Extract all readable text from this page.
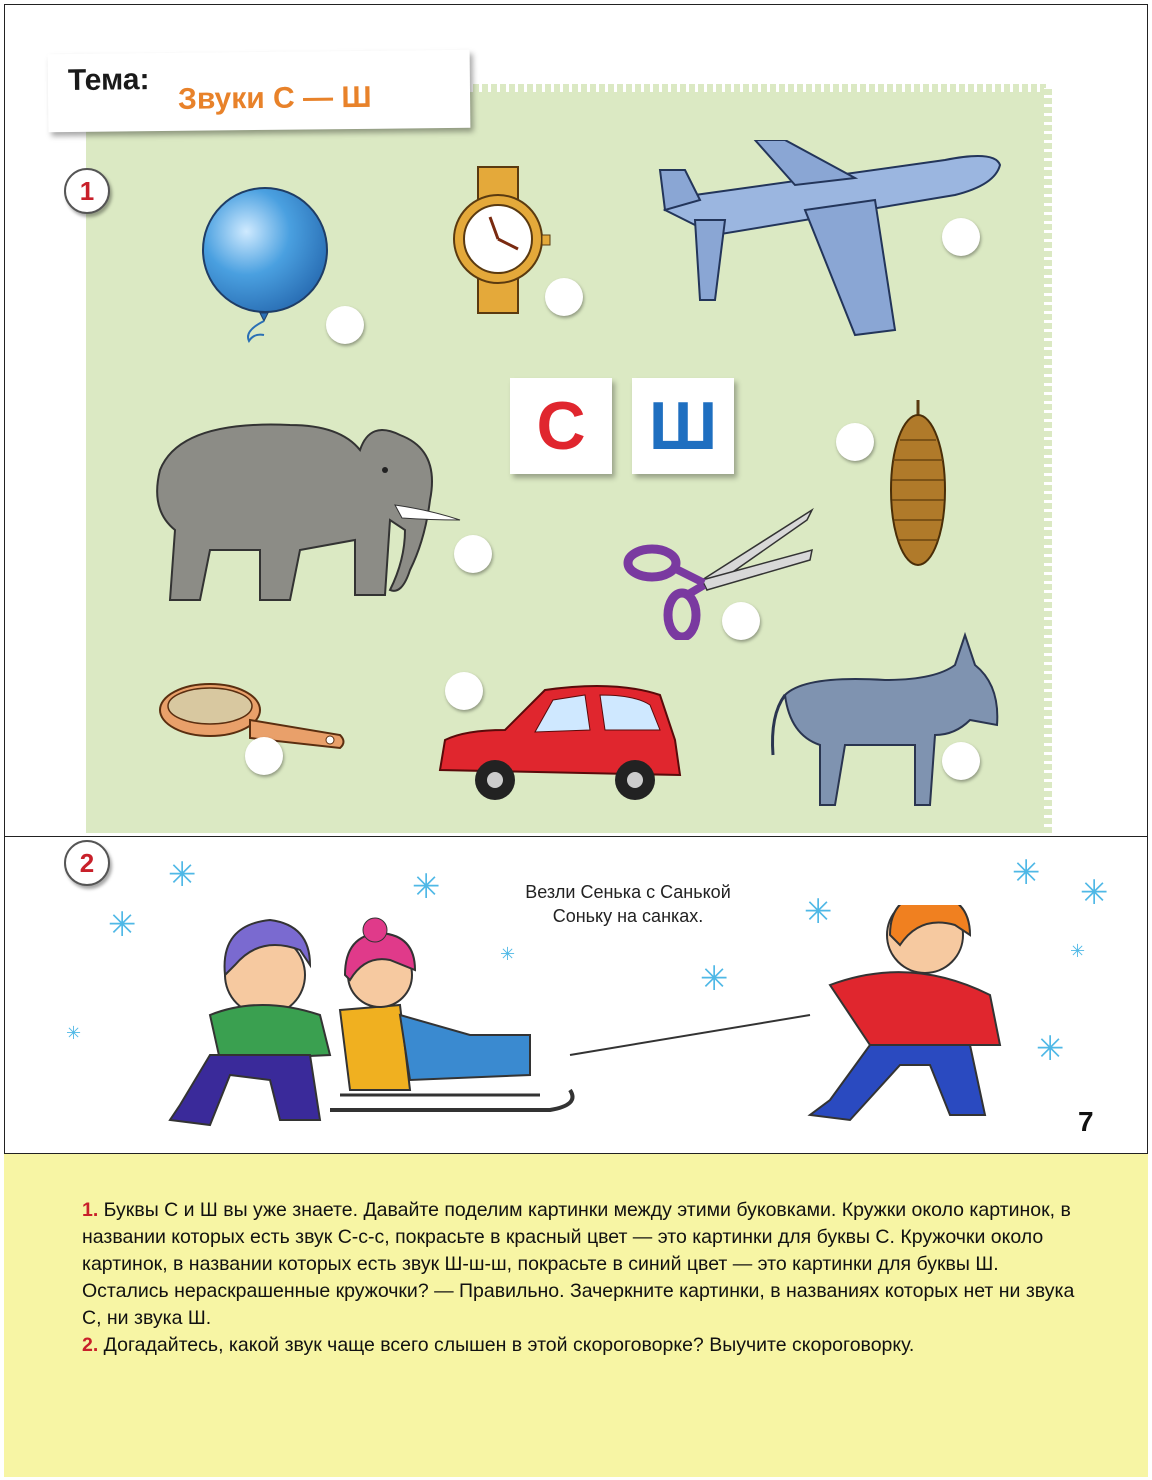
Тема:
Звуки С — Ш
1
С Ш
2	✳
✳
✳
✳
✳
✳
✳
✳
✳
✳
✳
Везли Сенька с Санькой
Соньку на санках.
7
1. Буквы С и Ш вы уже знаете. Давайте поделим картинки между этими буковками. Кружки около картинок, в названии которых есть звук С-с-с, покрасьте в красный цвет — это картинки для буквы С. Кружочки около картинок, в названии которых есть звук Ш-ш-ш, покрасьте в синий цвет — это картинки для буквы Ш. Остались нераскрашенные кружочки? — Правильно. Зачеркните картинки, в названиях которых нет ни звука С, ни звука Ш.
2. Догадайтесь, какой звук чаще всего слышен в этой скороговорке? Выучите скороговорку.
